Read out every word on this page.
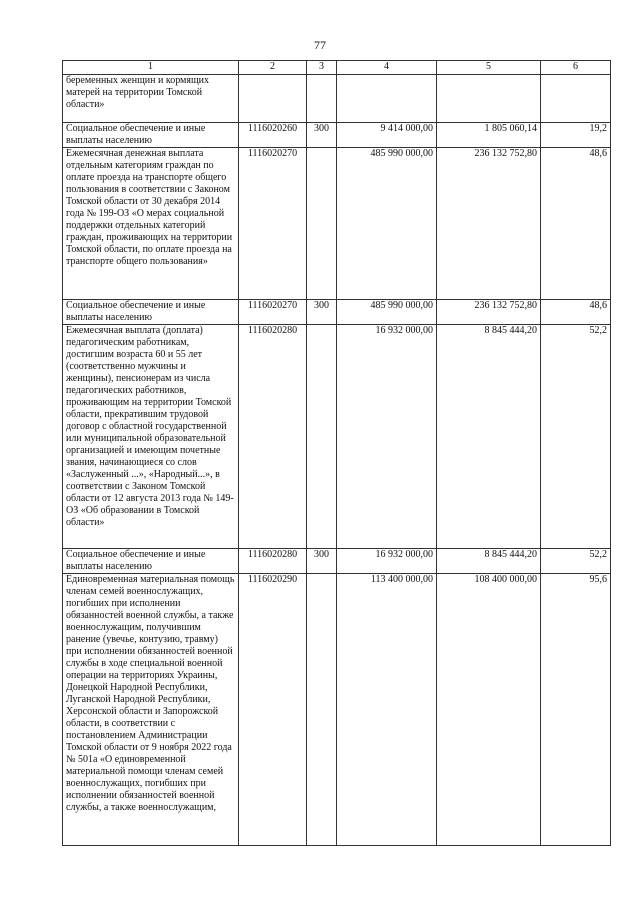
77
1	2	3	4	5	6
беременных женщин и кормящих матерей на территории Томской области»					
Социальное обеспечение и иные выплаты населению	1116020260	300	9 414 000,00	1 805 060,14	19,2
Ежемесячная денежная выплата отдельным категориям граждан по оплате проезда на транспорте общего пользования в соответствии с Законом Томской области от 30 декабря 2014 года № 199-ОЗ «О мерах социальной поддержки отдельных категорий граждан, проживающих на территории Томской области, по оплате проезда на транспорте общего пользования»	1116020270		485 990 000,00	236 132 752,80	48,6
Социальное обеспечение и иные выплаты населению	1116020270	300	485 990 000,00	236 132 752,80	48,6
Ежемесячная выплата (доплата) педагогическим работникам, достигшим возраста 60 и 55 лет (соответственно мужчины и женщины), пенсионерам из числа педагогических работников, проживающим на территории Томской области, прекратившим трудовой договор с областной государственной или муниципальной образовательной организацией и имеющим почетные звания, начинающиеся со слов «Заслуженный ...», «Народный...», в соответствии с Законом Томской области от 12 августа 2013 года № 149-ОЗ «Об образовании в Томской области»	1116020280		16 932 000,00	8 845 444,20	52,2
Социальное обеспечение и иные выплаты населению	1116020280	300	16 932 000,00	8 845 444,20	52,2
Единовременная материальная помощь членам семей военнослужащих, погибших при исполнении обязанностей военной службы, а также военнослужащим, получившим ранение (увечье, контузию, травму) при исполнении обязанностей военной службы в ходе специальной военной операции на территориях Украины, Донецкой Народной Республики, Луганской Народной Республики, Херсонской области и Запорожской области, в соответствии с постановлением Администрации Томской области от 9 ноября 2022 года № 501а «О единовременной материальной помощи членам семей военнослужащих, погибших при исполнении обязанностей военной службы, а также военнослужащим,	1116020290		113 400 000,00	108 400 000,00	95,6
